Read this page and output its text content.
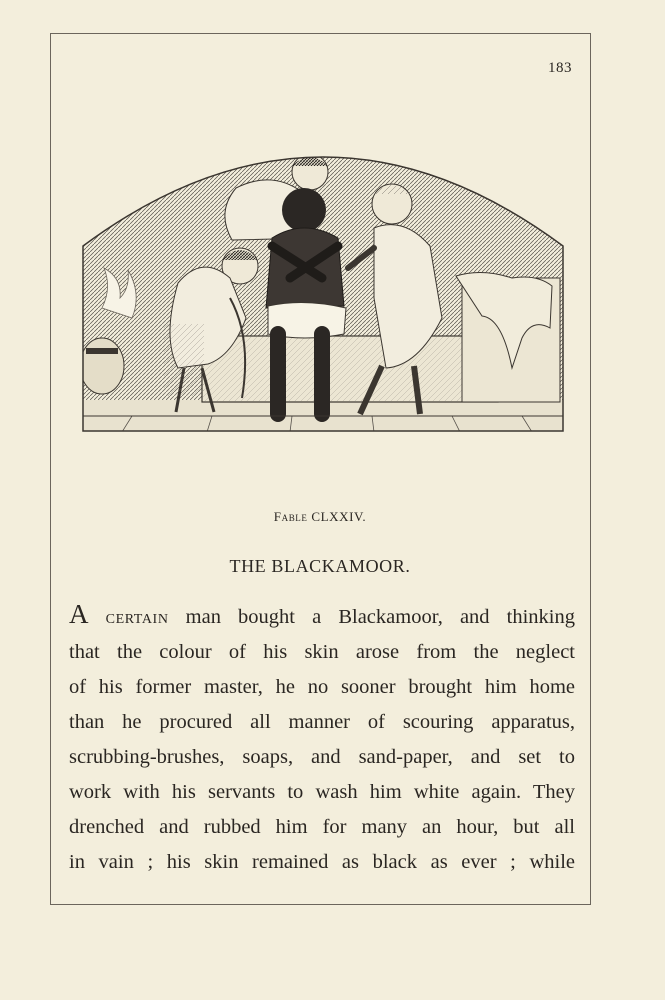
183
Fable CLXXIV.
THE BLACKAMOOR.
A certain man bought a Blackamoor, and thinking
that the colour of his skin arose from the neglect
of his former master, he no sooner brought him home
than he procured all manner of scouring apparatus,
scrubbing-brushes, soaps, and sand-paper, and set to
work with his servants to wash him white again. They
drenched and rubbed him for many an hour, but all
in vain ; his skin remained as black as ever ; while
